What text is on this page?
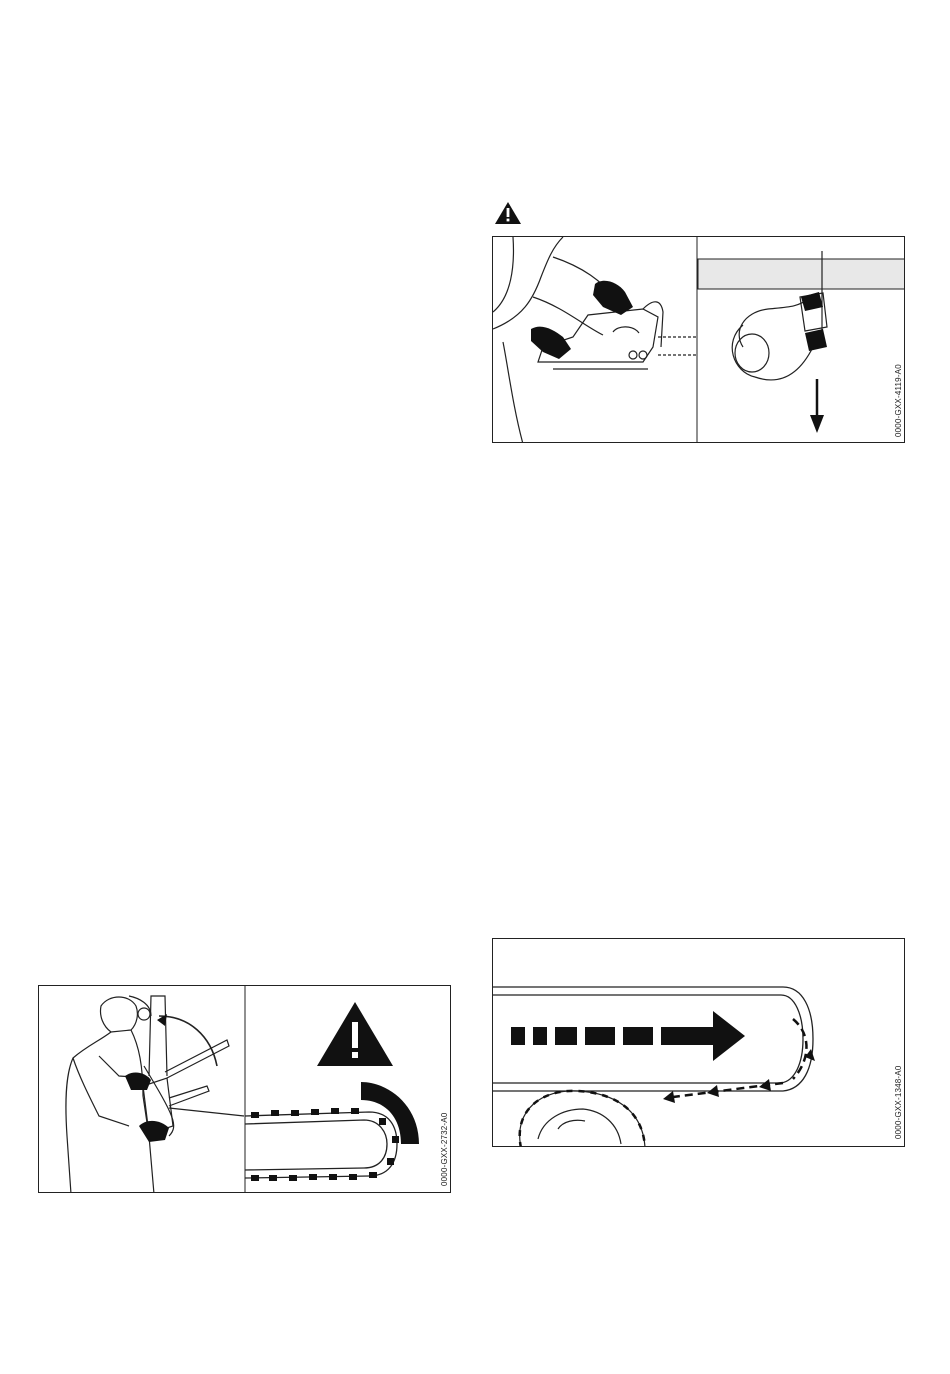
0000-GXX-4119-A0
0000-GXX-2732-A0
0000-GXX-1348-A0
